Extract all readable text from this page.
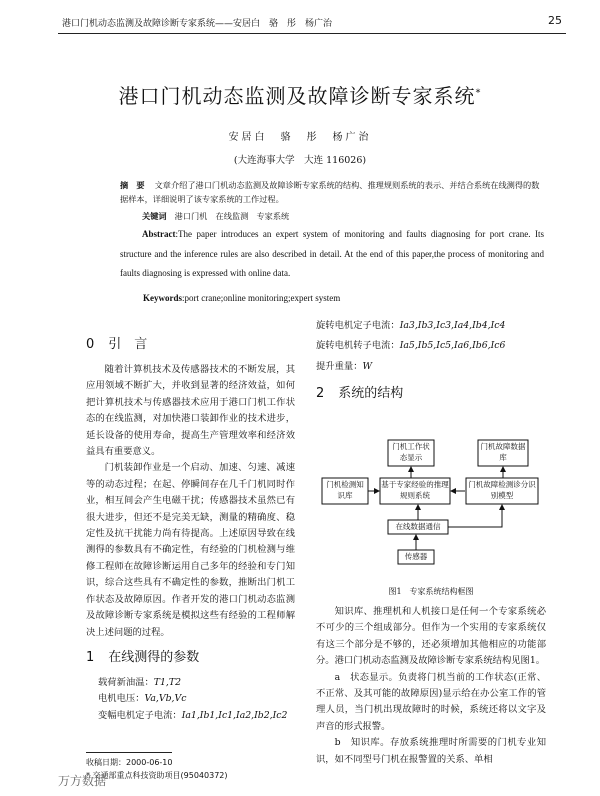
港口门机动态监测及故障诊断专家系统——安居白　骆　彤　杨广治	25
港口门机动态监测及故障诊断专家系统*
安居白　骆　彤　杨广治
(大连海事大学　大连 116026)
摘　要 文章介绍了港口门机动态监测及故障诊断专家系统的结构、推理规则系统的表示、并结合系统在线测得的数据样本，详细说明了该专家系统的工作过程。
关键词 港口门机　在线监测　专家系统
Abstract:The paper introduces an expert system of monitoring and faults diagnosing for port crane. Its structure and the inference rules are also described in detail. At the end of this paper,the process of monitoring and faults diagnosing is expressed with online data.
Keywords:port crane;online monitoring;expert system
0 引　言

随着计算机技术及传感器技术的不断发展，其应用领域不断扩大，并收到显著的经济效益，如何把计算机技术与传感器技术应用于港口门机工作状态的在线监测，对加快港口装卸作业的技术进步，延长设备的使用寿命，提高生产管理效率和经济效益具有重要意义。

门机装卸作业是一个启动、加速、匀速、减速等的动态过程；在起、停瞬间存在几千门机同时作业，相互间会产生电磁干扰；传感器技术虽然已有很大进步，但还不是完美无缺，测量的精确度、稳定性及抗干扰能力尚有待提高。上述原因导致在线测得的参数具有不确定性，有经验的门机检测与维修工程师在故障诊断运用自己多年的经验和专门知识，综合这些具有不确定性的参数，推断出门机工作状态及故障原因。作者开发的港口门机动态监测及故障诊断专家系统是模拟这些有经验的工程师解决上述问题的过程。

1 在线测得的参数

载荷新油温：T1,T2

电机电压：Va,Vb,Vc

变幅电机定子电流：Ia1,Ib1,Ic1,Ia2,Ib2,Ic2

旋转电机定子电流：Ia3,Ib3,Ic3,Ia4,Ib4,Ic4

旋转电机转子电流：Ia5,Ib5,Ic5,Ia6,Ib6,Ic6

提升重量：W

2 系统的结构
门机工作状态显示
门机故障数据库
门机检测知识库
基于专家经验的推理规则系统
门机故障检测诊分识别模型
在线数据通信
传感器
图1　专家系统结构框图

知识库、推理机和人机接口是任何一个专家系统必不可少的三个组成部分。但作为一个实用的专家系统仅有这三个部分是不够的，还必须增加其他相应的功能部分。港口门机动态监测及故障诊断专家系统结构见图1。

a　状态显示。负责将门机当前的工作状态(正常、不正常、及其可能的故障原因)显示给在办公室工作的管理人员，当门机出现故障时的时候，系统还将以文字及声音的形式报警。

b　知识库。存放系统推理时所需要的门机专业知识，如不同型号门机在报警置的关系、单相

收稿日期：2000-06-10
* 交通部重点科技资助项目(95040372)
万方数据
